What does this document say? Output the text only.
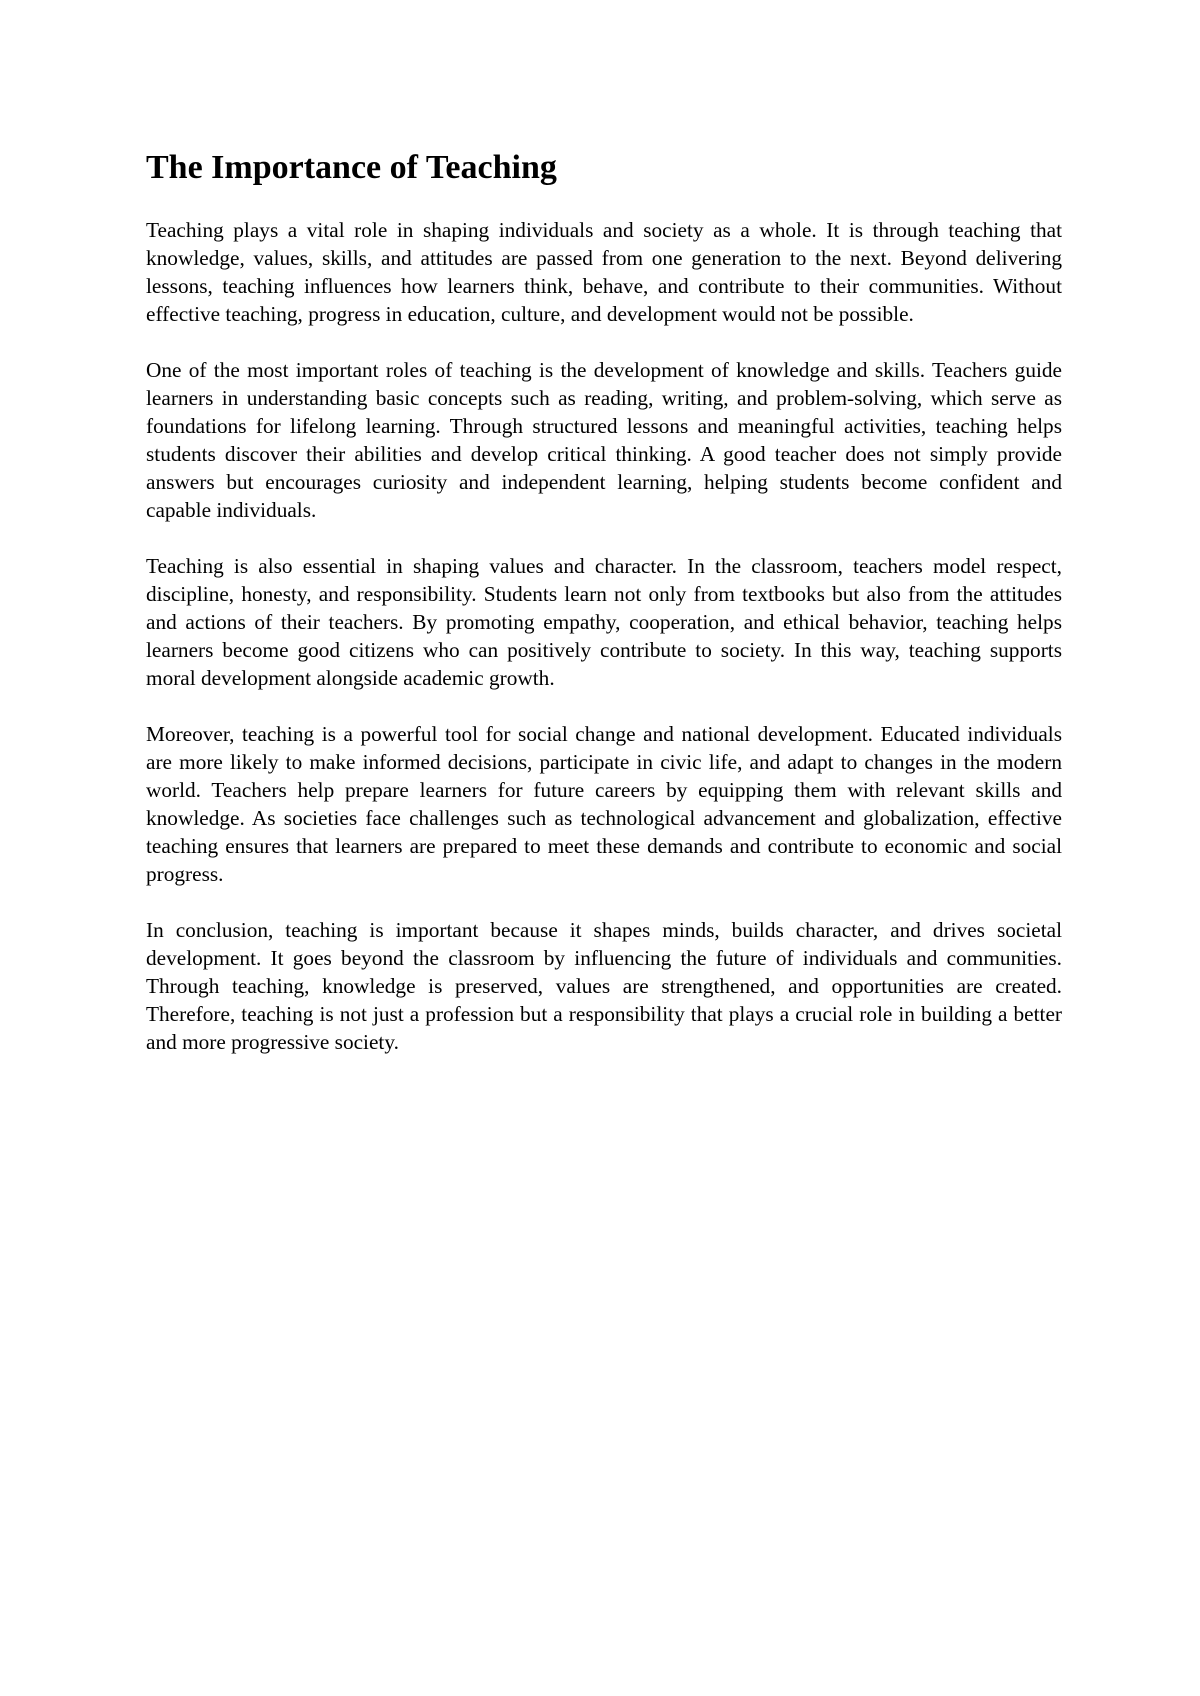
The Importance of Teaching

Teaching plays a vital role in shaping individuals and society as a whole. It is through teaching that knowledge, values, skills, and attitudes are passed from one generation to the next. Beyond delivering lessons, teaching influences how learners think, behave, and contribute to their communities. Without effective teaching, progress in education, culture, and development would not be possible.

One of the most important roles of teaching is the development of knowledge and skills. Teachers guide learners in understanding basic concepts such as reading, writing, and problem-solving, which serve as foundations for lifelong learning. Through structured lessons and meaningful activities, teaching helps students discover their abilities and develop critical thinking. A good teacher does not simply provide answers but encourages curiosity and independent learning, helping students become confident and capable individuals.

Teaching is also essential in shaping values and character. In the classroom, teachers model respect, discipline, honesty, and responsibility. Students learn not only from textbooks but also from the attitudes and actions of their teachers. By promoting empathy, cooperation, and ethical behavior, teaching helps learners become good citizens who can positively contribute to society. In this way, teaching supports moral development alongside academic growth.

Moreover, teaching is a powerful tool for social change and national development. Educated individuals are more likely to make informed decisions, participate in civic life, and adapt to changes in the modern world. Teachers help prepare learners for future careers by equipping them with relevant skills and knowledge. As societies face challenges such as technological advancement and globalization, effective teaching ensures that learners are prepared to meet these demands and contribute to economic and social progress.

In conclusion, teaching is important because it shapes minds, builds character, and drives societal development. It goes beyond the classroom by influencing the future of individuals and communities. Through teaching, knowledge is preserved, values are strengthened, and opportunities are created. Therefore, teaching is not just a profession but a responsibility that plays a crucial role in building a better and more progressive society.
